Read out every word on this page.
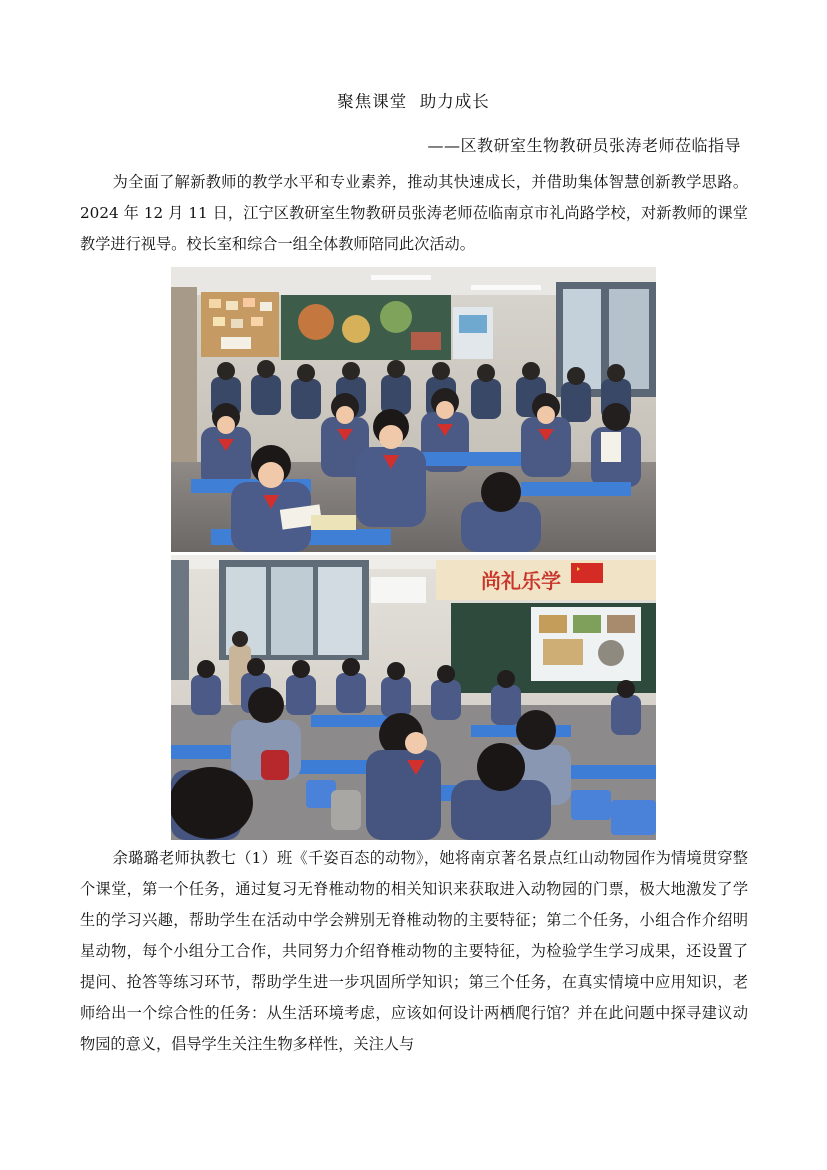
聚焦课堂  助力成长
——区教研室生物教研员张涛老师莅临指导

为全面了解新教师的教学水平和专业素养，推动其快速成长，并借助集体智慧创新教学思路。2024 年 12 月 11 日，江宁区教研室生物教研员张涛老师莅临南京市礼尚路学校，对新教师的课堂教学进行视导。校长室和综合一组全体教师陪同此次活动。

尚礼乐学

余璐璐老师执教七（1）班《千姿百态的动物》，她将南京著名景点红山动物园作为情境贯穿整个课堂，第一个任务，通过复习无脊椎动物的相关知识来获取进入动物园的门票，极大地激发了学生的学习兴趣，帮助学生在活动中学会辨别无脊椎动物的主要特征；第二个任务，小组合作介绍明星动物，每个小组分工合作，共同努力介绍脊椎动物的主要特征，为检验学生学习成果，还设置了提问、抢答等练习环节，帮助学生进一步巩固所学知识；第三个任务，在真实情境中应用知识，老师给出一个综合性的任务：从生活环境考虑，应该如何设计两栖爬行馆？并在此问题中探寻建议动物园的意义，倡导学生关注生物多样性，关注人与
